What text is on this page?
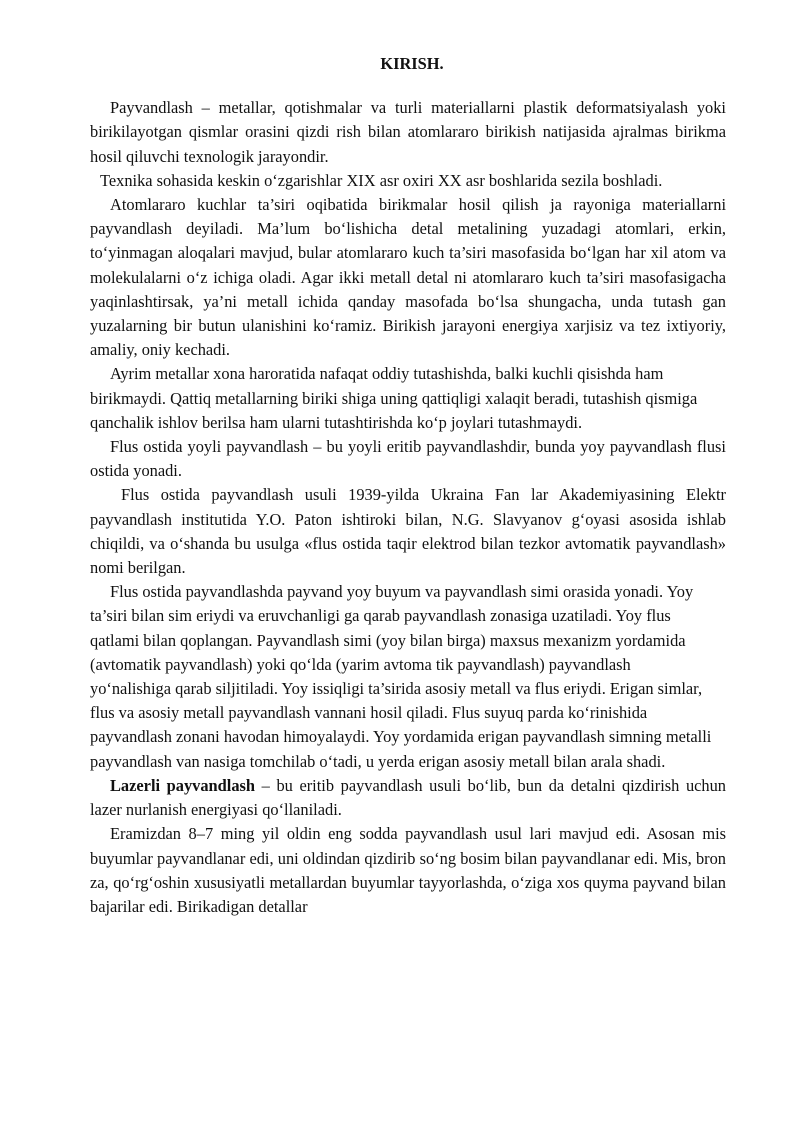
KIRISH.

Payvandlash – metallar, qotishmalar va turli materiallarni plastik deformatsiyalash yoki birikilayotgan qismlar orasini qizdi rish bilan atomlararo birikish natijasida ajralmas birikma hosil qiluvchi texnologik jarayondir.

Texnika sohasida keskin o‘zgarishlar XIX asr oxiri XX asr boshlarida sezila boshladi.

Atomlararo kuchlar ta’siri oqibatida birikmalar hosil qilish ja rayoniga materiallarni payvandlash deyiladi. Ma’lum bo‘lishicha detal metalining yuzadagi atomlari, erkin, to‘yinmagan aloqalari mavjud, bular atomlararo kuch ta’siri masofasida bo‘lgan har xil atom va molekulalarni o‘z ichiga oladi. Agar ikki metall detal ni atomlararo kuch ta’siri masofasigacha yaqinlashtirsak, ya’ni metall ichida qanday masofada bo‘lsa shungacha, unda tutash gan yuzalarning bir butun ulanishini ko‘ramiz. Birikish jarayoni energiya xarjisiz va tez ixtiyoriy, amaliy, oniy kechadi.

Ayrim metallar xona haroratida nafaqat oddiy tutashishda, balki kuchli qisishda ham birikmaydi. Qattiq metallarning biriki shiga uning qattiqligi xalaqit beradi, tutashish qismiga qanchalik ishlov berilsa ham ularni tutashtirishda ko‘p joylari tutashmaydi.

Flus ostida yoyli payvandlash – bu yoyli eritib payvandlashdir, bunda yoy payvandlash flusi ostida yonadi.

Flus ostida payvandlash usuli 1939-yilda Ukraina Fan lar Akademiyasining Elektr payvandlash institutida Y.O. Paton ishtiroki bilan, N.G. Slavyanov g‘oyasi asosida ishlab chiqildi, va o‘shanda bu usulga «flus ostida taqir elektrod bilan tezkor avtomatik payvandlash» nomi berilgan.

Flus ostida payvandlashda payvand yoy buyum va payvandlash simi orasida yonadi. Yoy ta’siri bilan sim eriydi va eruvchanligi ga qarab payvandlash zonasiga uzatiladi. Yoy flus qatlami bilan qoplangan. Payvandlash simi (yoy bilan birga) maxsus mexanizm yordamida (avtomatik payvandlash) yoki qo‘lda (yarim avtoma tik payvandlash) payvandlash yo‘nalishiga qarab siljitiladi. Yoy issiqligi ta’sirida asosiy metall va flus eriydi. Erigan simlar, flus va asosiy metall payvandlash vannani hosil qiladi. Flus suyuq parda ko‘rinishida payvandlash zonani havodan himoyalaydi. Yoy yordamida erigan payvandlash simning metalli payvandlash van nasiga tomchilab o‘tadi, u yerda erigan asosiy metall bilan arala shadi.

Lazerli payvandlash – bu eritib payvandlash usuli bo‘lib, bun da detalni qizdirish uchun lazer nurlanish energiyasi qo‘llaniladi.

Eramizdan 8–7 ming yil oldin eng sodda payvandlash usul lari mavjud edi. Asosan mis buyumlar payvandlanar edi, uni oldindan qizdirib so‘ng bosim bilan payvandlanar edi. Mis, bron za, qo‘rg‘oshin xususiyatli metallardan buyumlar tayyorlashda, o‘ziga xos quyma payvand bilan bajarilar edi. Birikadigan detallar
